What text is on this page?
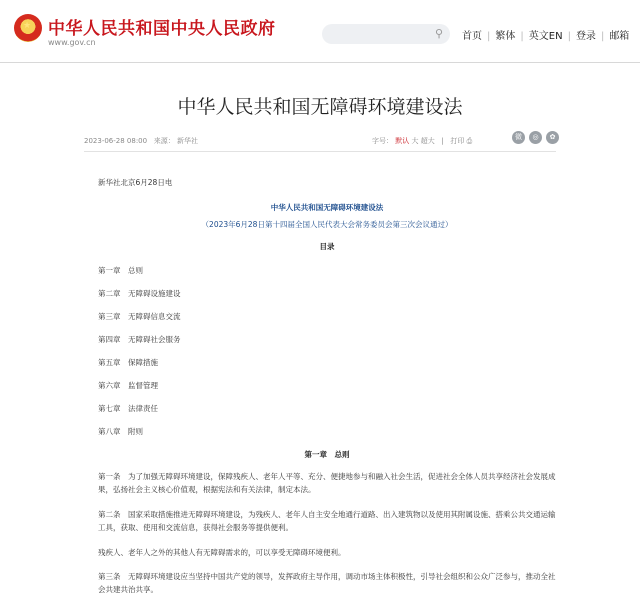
★ 中华人民共和国中央人民政府
www.gov.cn
⚲ 首页 | 繁体 | 英文EN | 登录 | 邮箱
中华人民共和国无障碍环境建设法
2023-06-28 08:00 来源： 新华社	字号： 默认 大 超大   |   打印 ⎙	微	◎	✿
新华社北京6月28日电
中华人民共和国无障碍环境建设法
（2023年6月28日第十四届全国人民代表大会常务委员会第三次会议通过）
目录
第一章 总则
第二章 无障碍设施建设
第三章 无障碍信息交流
第四章 无障碍社会服务
第五章 保障措施
第六章 监督管理
第七章 法律责任
第八章 附则
第一章　总则
第一条　为了加强无障碍环境建设，保障残疾人、老年人平等、充分、便捷地参与和融入社会生活，促进社会全体人员共享经济社会发展成果，弘扬社会主义核心价值观，根据宪法和有关法律，制定本法。
第二条　国家采取措施推进无障碍环境建设，为残疾人、老年人自主安全地通行道路、出入建筑物以及使用其附属设施、搭乘公共交通运输工具，获取、使用和交流信息，获得社会服务等提供便利。
残疾人、老年人之外的其他人有无障碍需求的，可以享受无障碍环境便利。
第三条　无障碍环境建设应当坚持中国共产党的领导，发挥政府主导作用，调动市场主体积极性，引导社会组织和公众广泛参与，推动全社会共建共治共享。
